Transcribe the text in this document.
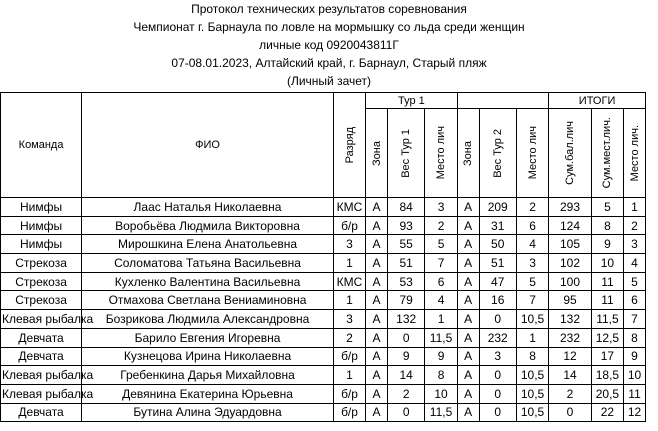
Протокол технических результатов соревнования
Чемпионат г. Барнаула по ловле на мормышку со льда среди женщин
личные код 0920043811Г
07-08.01.2023, Алтайский край, г. Барнаул, Старый пляж
(Личный зачет)
Команда	ФИО	Разряд	Тур 1						ИТОГИ		

			Зона	Вес Тур 1	Место лич	Зона	Вес Тур 2	Место лич	Сум.бал.лич	Сум.мест.лич.	Место лич.

Нимфы	Лаас Наталья Николаевна	КМС	А	84	3	А	209	2	293	5	1
Нимфы	Воробьёва Людмила Викторовна	б/р	А	93	2	А	31	6	124	8	2
Нимфы	Мирошкина Елена Анатольевна	3	А	55	5	А	50	4	105	9	3
Стрекоза	Соломатова Татьяна Васильевна	1	А	51	7	А	51	3	102	10	4
Стрекоза	Кухленко Валентина Васильевна	КМС	А	53	6	А	47	5	100	11	5
Стрекоза	Отмахова Светлана Вениаминовна	1	А	79	4	А	16	7	95	11	6
Клевая рыбалка	Бозрикова Людмила Александровна	3	А	132	1	А	0	10,5	132	11,5	7
Девчата	Барило Евгения Игоревна	2	А	0	11,5	А	232	1	232	12,5	8
Девчата	Кузнецова Ирина Николаевна	б/р	А	9	9	А	3	8	12	17	9
Клевая рыбалка	Гребенкина Дарья Михайловна	1	А	14	8	А	0	10,5	14	18,5	10
Клевая рыбалка	Девянина Екатерина Юрьевна	б/р	А	2	10	А	0	10,5	2	20,5	11
Девчата	Бутина Алина Эдуардовна	б/р	А	0	11,5	А	0	10,5	0	22	12
